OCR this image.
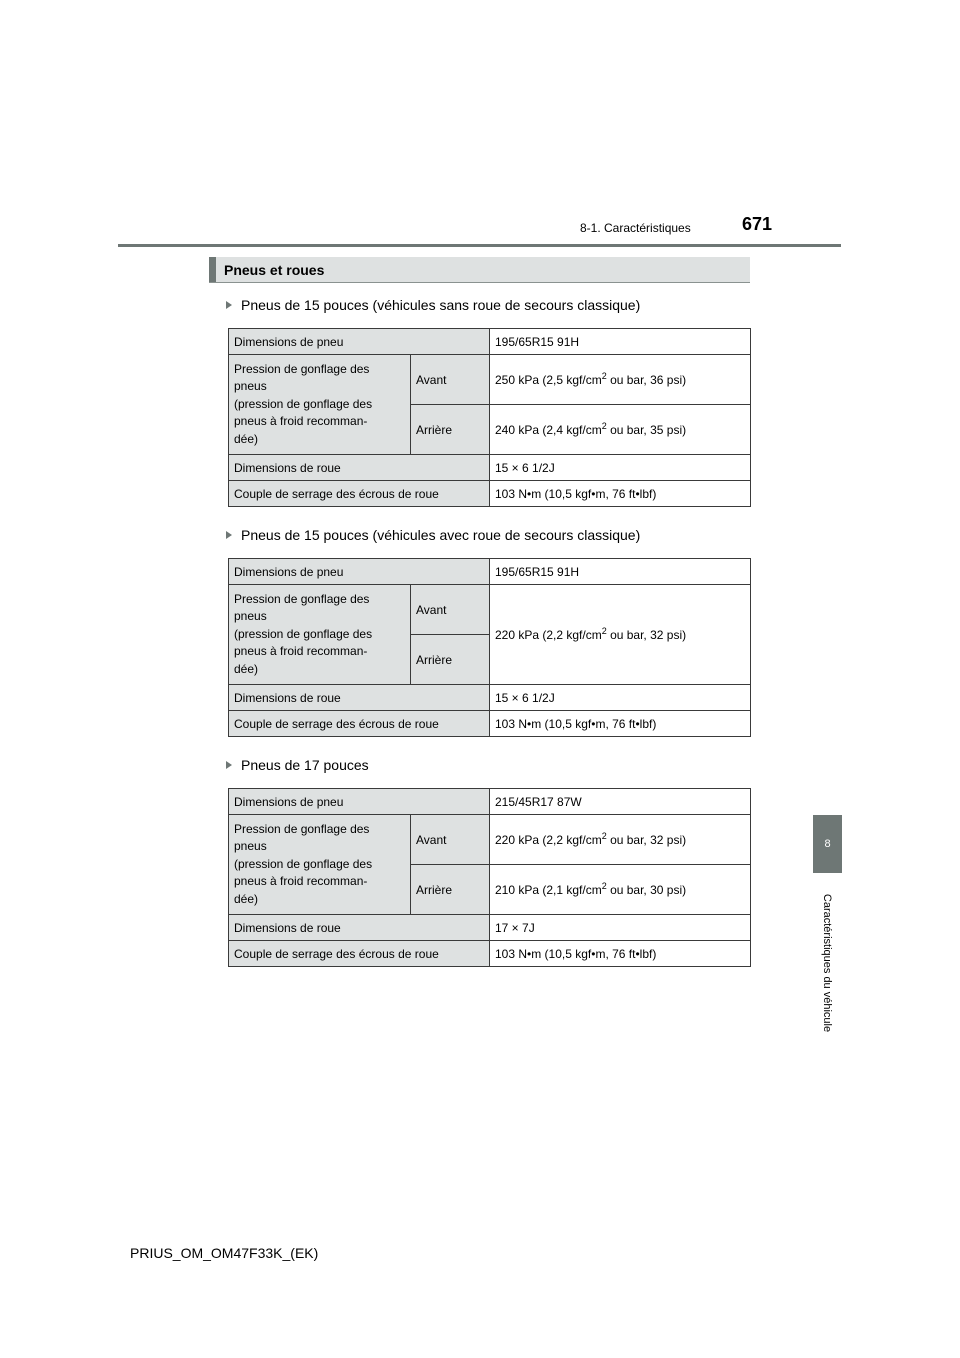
8-1. Caractéristiques	671
8
Caractéristiques du véhicule
Pneus et roues
Pneus de 15 pouces (véhicules sans roue de secours classique)
Dimensions de pneu		195/65R15 91H
Pression de gonflage des
pneus
(pression de gonflage des
pneus à froid recomman-
dée)	Avant	250 kPa (2,5 kgf/$cm^2$ ou bar, 36 psi)
	Arrière	240 kPa (2,4 kgf/$cm^2$ ou bar, 35 psi)
Dimensions de roue		15 × 6 1/2J
Couple de serrage des écrous de roue		103 N•m (10,5 kgf•m, 76 ft•lbf)
Pneus de 15 pouces (véhicules avec roue de secours classique)
Dimensions de pneu		195/65R15 91H
Pression de gonflage des
pneus
(pression de gonflage des
pneus à froid recomman-
dée)	Avant	220 kPa (2,2 kgf/$cm^2$ ou bar, 32 psi)
	Arrière	
Dimensions de roue		15 × 6 1/2J
Couple de serrage des écrous de roue		103 N•m (10,5 kgf•m, 76 ft•lbf)
Pneus de 17 pouces
Dimensions de pneu		215/45R17 87W
Pression de gonflage des
pneus
(pression de gonflage des
pneus à froid recomman-
dée)	Avant	220 kPa (2,2 kgf/$cm^2$ ou bar, 32 psi)
	Arrière	210 kPa (2,1 kgf/$cm^2$ ou bar, 30 psi)
Dimensions de roue		17 × 7J
Couple de serrage des écrous de roue		103 N•m (10,5 kgf•m, 76 ft•lbf)
PRIUS_OM_OM47F33K_(EK)
